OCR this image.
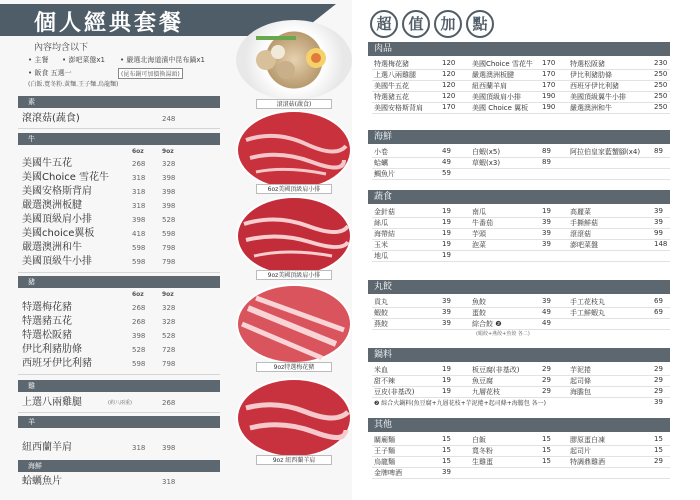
個人經典套餐
內容均含以下
• 主餐 • 澎吧菜盤x1 • 嚴選北海道濱中昆布鍋x1
• 飯食 五選一	(昆布鍋可加價換湯頭)
(白飯.寬冬粉.黃麵.王子麵.烏龍麵)
素
滾滾菇(蔬食)	248
牛
6oz	9oz
美國牛五花	268 328
美國Choice 雪花牛	318 398
美國安格斯背肩	318 398
嚴選澳洲板腱	318 398
美國頂級肩小排	398 528
美國choice翼板	418 598
嚴選澳洲和牛	598 798
美國頂級牛小排	598 798
豬
6oz	9oz
特選梅花豬	268 328
特選豬五花	268 328
特選松阪豬	398 528
伊比利豬肋條	528 728
西班牙伊比利豬	598 798
雞
上選八兩雞腿	(約八兩重)	268
羊
紐西蘭羊肩	318 398
海鮮
蛤蠣魚片	318
滾滾菇(蔬食)
6oz美國頂級肩小排
9oz美國頂級肩小排
9oz特選梅花豬
9oz 紐西蘭羊肩
超	值	加	點
肉品
特選梅花豬	120 美國Choice 雪花牛 170 特選松阪豬	230
上選八兩雞腿	120 嚴選澳洲板腱	170 伊比利豬肋條	250
美國牛五花	120 紐西蘭羊肩	170 西班牙伊比利豬	250
特選豬五花	120 美國頂級肩小排	190 美國頂級翼牛小排	250
美國安格斯背肩	170 美國 Choice 翼板 190 嚴選澳洲和牛	250
海鮮
小卷	49	白蝦(x5)	89	阿拉伯皇家藍蟹腳(x4) 89
蛤蠣	49	草蝦(x3)	89
鯛魚片	59
蔬食
金針菇	19	南瓜	19	高麗菜	39
絲瓜	19	牛番茄	39	手撕鮮菇	39
海帶結	19	芋頭	39	滾滾菇	99
玉米	19	泡菜	39	澎吧菜盤	148
地瓜	19
丸餃
貢丸	39	魚餃	39	手工花枝丸	69
蝦餃	39	蛋餃	49	手工鮮蝦丸	69
燕餃	39	綜合餃 ❷	49
(蝦餃+燕餃+魚餃 各二)
鍋料
米血	19	板豆腐(非基改)	29	芋泥捲	29
甜不辣	19	魚豆腐	29	起司條	29
豆皮(非基改)	19	九層花枝	29	海膽包	29
❷ 綜合火鍋料(魚豆腐+九層花枝+芋泥捲+起司條+海膽包 各一)	39
其他
關廟麵	15	白飯	15	膠原蛋白凍	15
王子麵	15	寬冬粉	15	起司片	15
烏龍麵	15	生雞蛋	15	特調鼎雞酒	29
金牌啤酒	39
